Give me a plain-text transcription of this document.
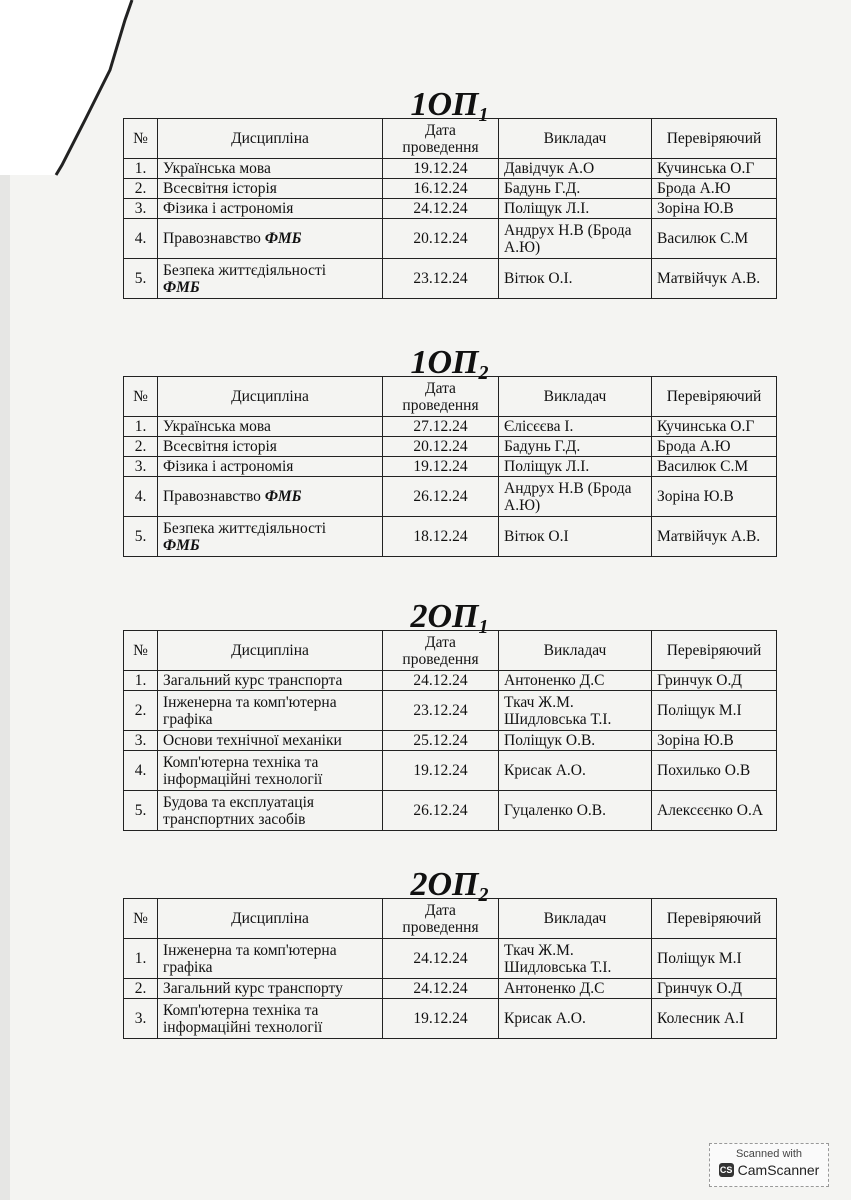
$1ОП_1$
№	Дисципліна	Дата проведення	Викладач	Перевіряючий
1.	Українська мова	19.12.24	Давідчук А.О	Кучинська О.Г
2.	Всесвітня історія	16.12.24	Бадунь Г.Д.	Брода А.Ю
3.	Фізика і астрономія	24.12.24	Поліщук Л.І.	Зоріна Ю.В
4.	Правознавство ФМБ	20.12.24	Андрух Н.В (Брода А.Ю)	Василюк С.М
5.	Безпека життєдіяльності
ФМБ	23.12.24	Вітюк О.І.	Матвійчук А.В.
$1ОП_2$
№	Дисципліна	Дата проведення	Викладач	Перевіряючий
1.	Українська мова	27.12.24	Єлісєєва І.	Кучинська О.Г
2.	Всесвітня історія	20.12.24	Бадунь Г.Д.	Брода А.Ю
3.	Фізика і астрономія	19.12.24	Поліщук Л.І.	Василюк С.М
4.	Правознавство ФМБ	26.12.24	Андрух Н.В (Брода А.Ю)	Зоріна Ю.В
5.	Безпека життєдіяльності
ФМБ	18.12.24	Вітюк О.І	Матвійчук А.В.
$2ОП_1$
№	Дисципліна	Дата проведення	Викладач	Перевіряючий
1.	Загальний курс транспорта	24.12.24	Антоненко Д.С	Гринчук О.Д
2.	Інженерна та комп'ютерна графіка	23.12.24	Ткач Ж.М. Шидловська Т.І.	Поліщук М.І
3.	Основи технічної механіки	25.12.24	Поліщук О.В.	Зоріна Ю.В
4.	Комп'ютерна техніка та інформаційні технології	19.12.24	Крисак А.О.	Похилько О.В
5.	Будова та експлуатація транспортних засобів	26.12.24	Гуцаленко О.В.	Алексєєнко О.А
$2ОП_2$
№	Дисципліна	Дата проведення	Викладач	Перевіряючий
1.	Інженерна та комп'ютерна графіка	24.12.24	Ткач Ж.М. Шидловська Т.І.	Поліщук М.І
2.	Загальний курс транспорту	24.12.24	Антоненко Д.С	Гринчук О.Д
3.	Комп'ютерна техніка та інформаційні технології	19.12.24	Крисак А.О.	Колесник А.І
Scanned with
CS CamScanner
